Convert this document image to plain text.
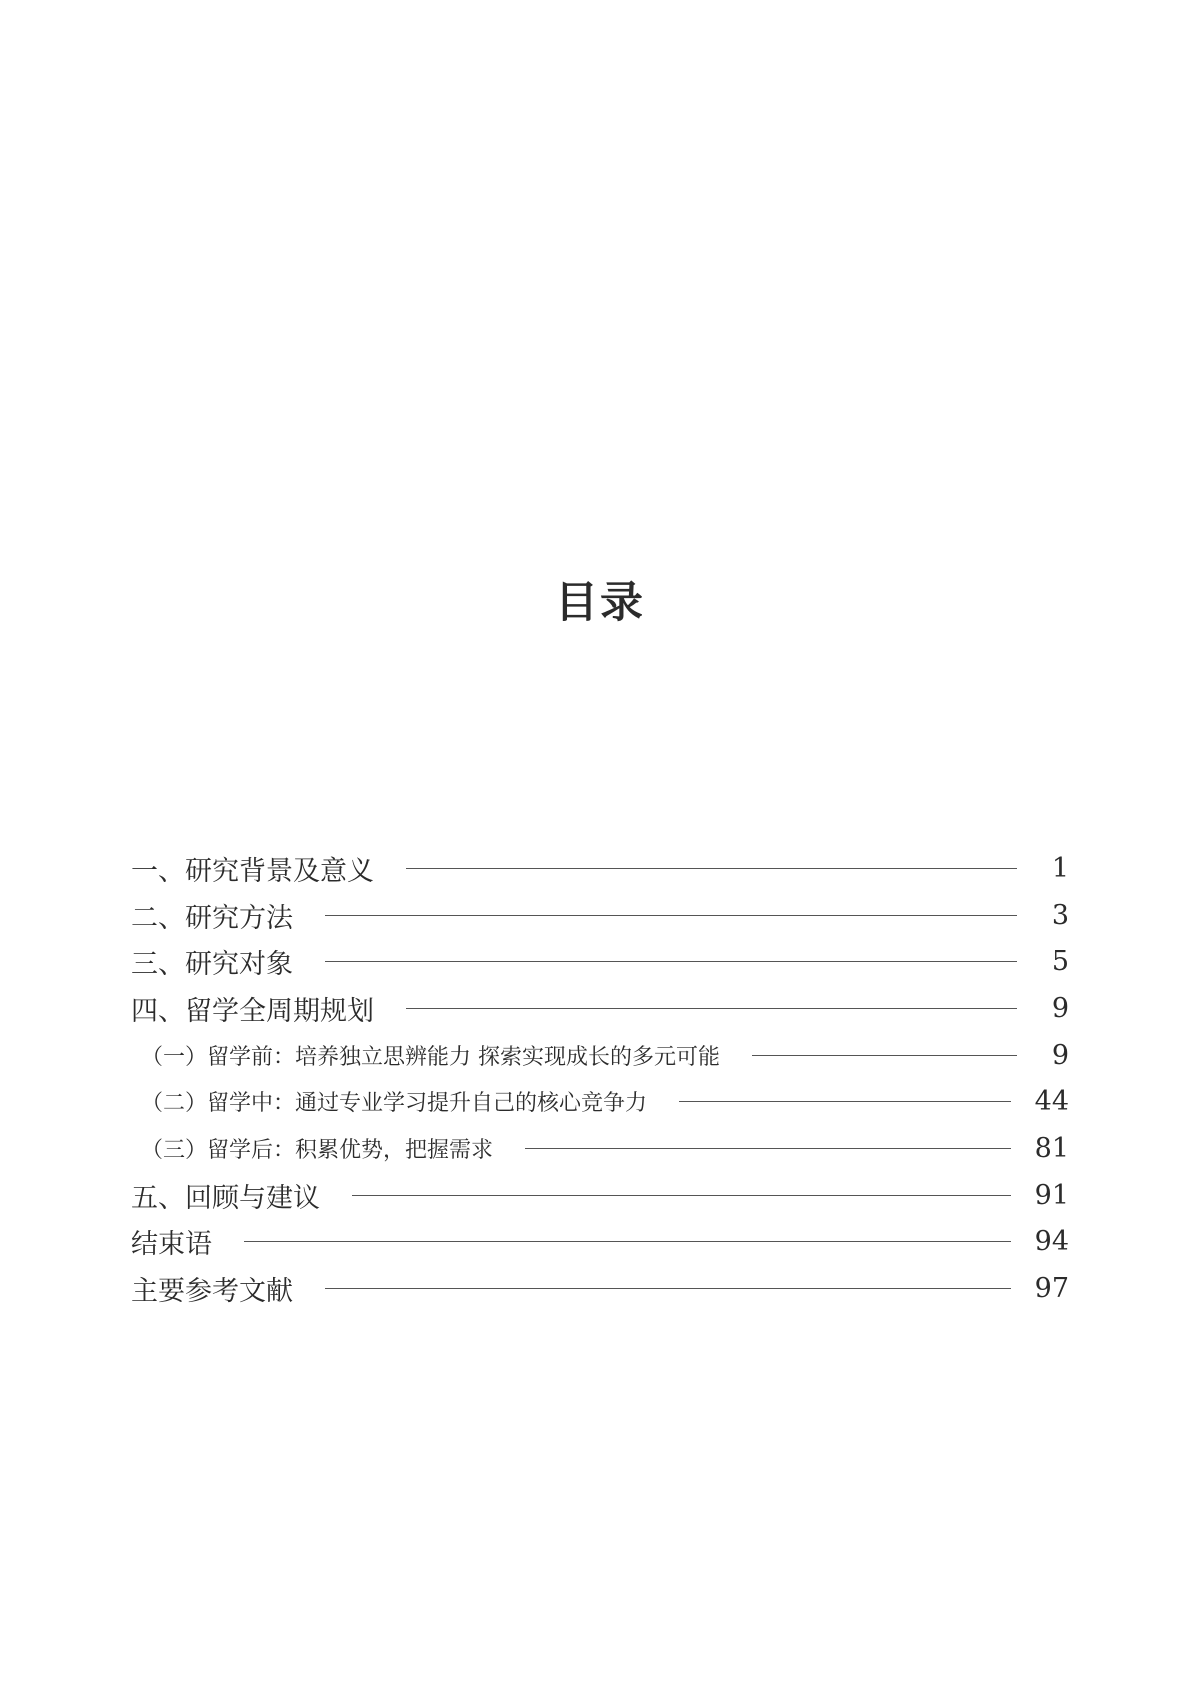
目录
一、研究背景及意义	1
二、研究方法	3
三、研究对象	5
四、留学全周期规划	9
（一）留学前：培养独立思辨能力 探索实现成长的多元可能	9
（二）留学中：通过专业学习提升自己的核心竞争力	44
（三）留学后：积累优势，把握需求	81
五、回顾与建议	91
结束语	94
主要参考文献	97
